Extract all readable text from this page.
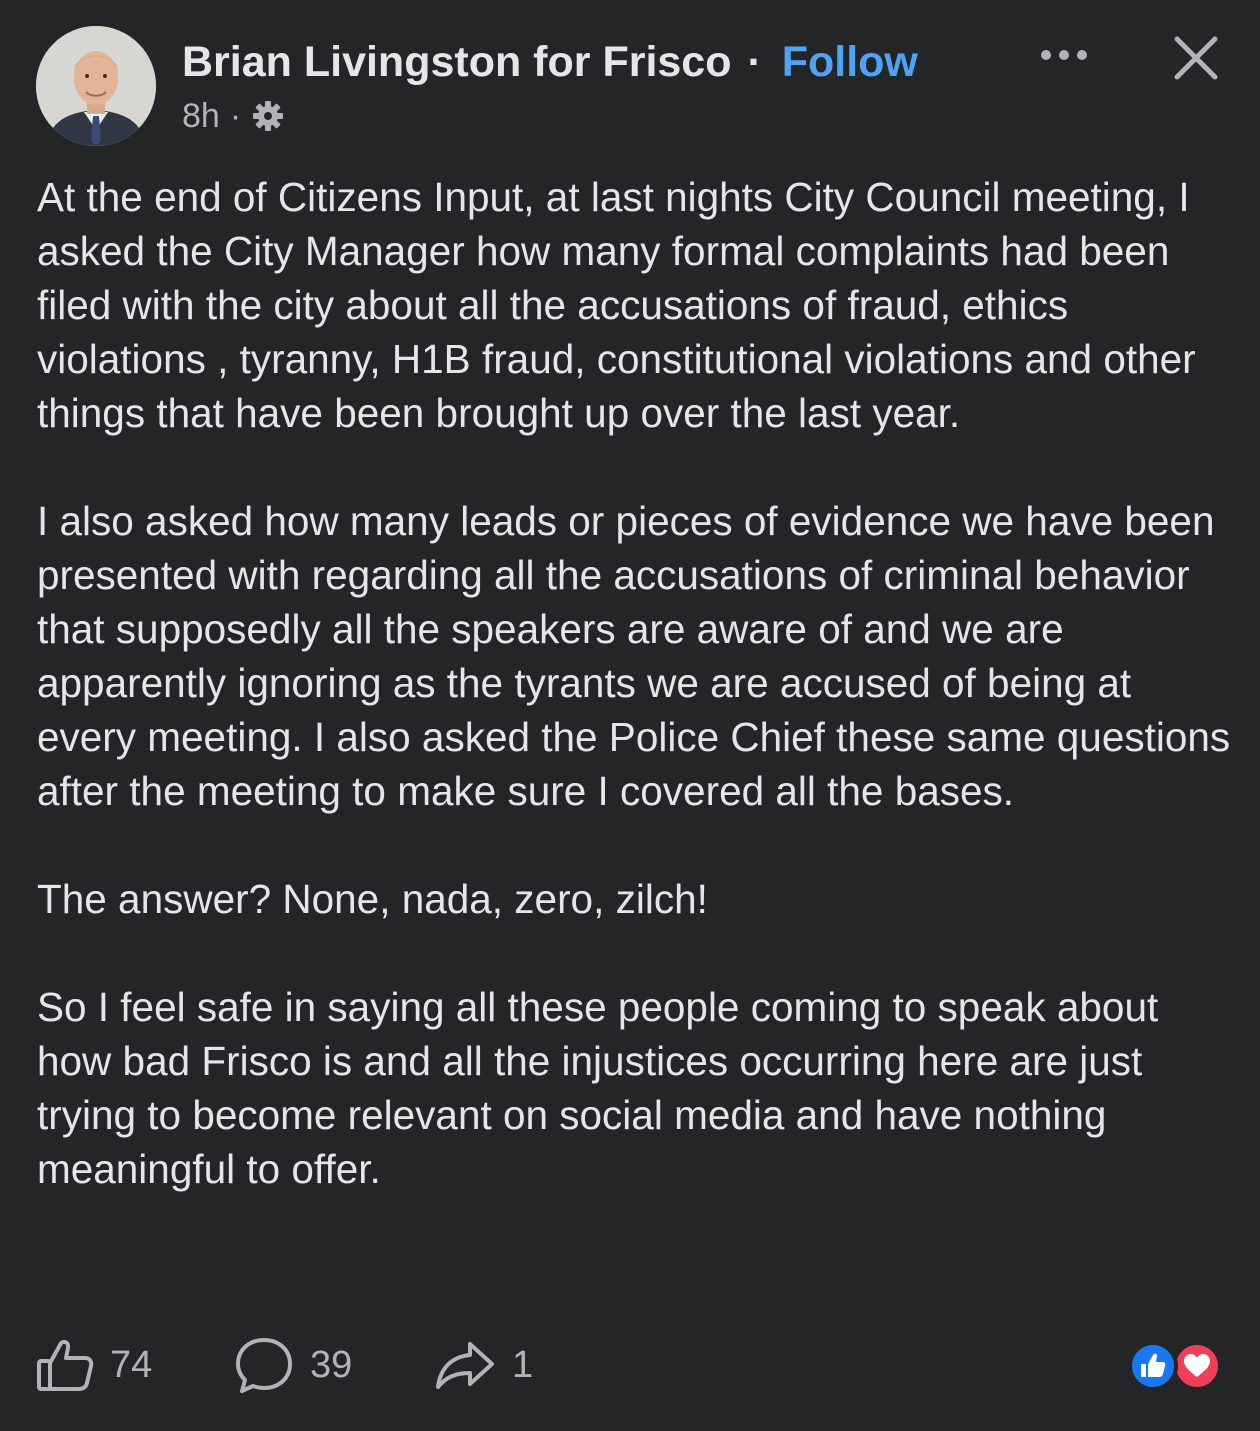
Brian Livingston for Frisco · Follow
8h ·

At the end of Citizens Input, at last nights City Council meeting, I asked the City Manager how many formal complaints had been filed with the city about all the accusations of fraud, ethics violations , tyranny, H1B fraud, constitutional violations and other things that have been brought up over the last year.

I also asked how many leads or pieces of evidence we have been presented with regarding all the accusations of criminal behavior that supposedly all the speakers are aware of and we are apparently ignoring as the tyrants we are accused of being at every meeting. I also asked the Police Chief these same questions after the meeting to make sure I covered all the bases.

The answer? None, nada, zero, zilch!

So I feel safe in saying all these people coming to speak about how bad Frisco is and all the injustices occurring here are just trying to become relevant on social media and have nothing meaningful to offer.

74	39	1
